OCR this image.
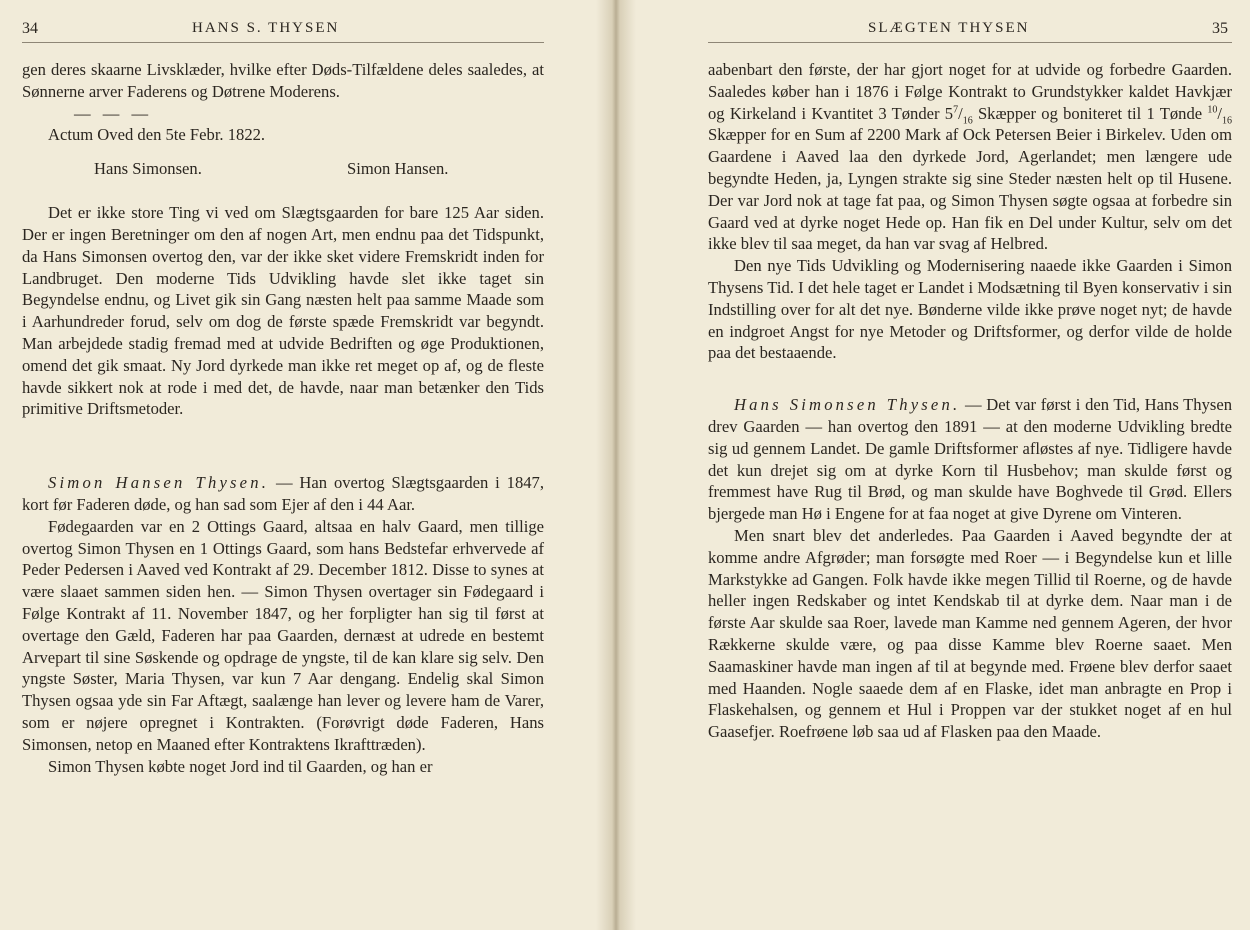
34	HANS S. THYSEN

gen deres skaarne Livsklæder, hvilke efter Døds-Tilfældene deles saaledes, at Sønnerne arver Faderens og Døtrene Moderens.

— — —

Actum Oved den 5te Febr. 1822.

Hans Simonsen.	Simon Hansen.

Det er ikke store Ting vi ved om Slægtsgaarden for bare 125 Aar siden. Der er ingen Beretninger om den af nogen Art, men endnu paa det Tidspunkt, da Hans Simonsen overtog den, var der ikke sket videre Fremskridt inden for Landbruget. Den moderne Tids Udvikling havde slet ikke taget sin Begyndelse endnu, og Livet gik sin Gang næsten helt paa samme Maade som i Aarhundreder forud, selv om dog de første spæde Fremskridt var begyndt. Man arbejdede stadig fremad med at udvide Bedriften og øge Produktionen, omend det gik smaat. Ny Jord dyrkede man ikke ret meget op af, og de fleste havde sikkert nok at rode i med det, de havde, naar man betænker den Tids primitive Driftsmetoder.

Simon Hansen Thysen. — Han overtog Slægtsgaarden i 1847, kort før Faderen døde, og han sad som Ejer af den i 44 Aar.

Fødegaarden var en 2 Ottings Gaard, altsaa en halv Gaard, men tillige overtog Simon Thysen en 1 Ottings Gaard, som hans Bedstefar erhvervede af Peder Pedersen i Aaved ved Kontrakt af 29. December 1812. Disse to synes at være slaaet sammen siden hen. — Simon Thysen overtager sin Fødegaard i Følge Kontrakt af 11. November 1847, og her forpligter han sig til først at overtage den Gæld, Faderen har paa Gaarden, dernæst at udrede en bestemt Arvepart til sine Søskende og opdrage de yngste, til de kan klare sig selv. Den yngste Søster, Maria Thysen, var kun 7 Aar dengang. Endelig skal Simon Thysen ogsaa yde sin Far Aftægt, saalænge han lever og levere ham de Varer, som er nøjere opregnet i Kontrakten. (Forøvrigt døde Faderen, Hans Simonsen, netop en Maaned efter Kontraktens Ikrafttræden).

Simon Thysen købte noget Jord ind til Gaarden, og han er

SLÆGTEN THYSEN	35

aabenbart den første, der har gjort noget for at udvide og forbedre Gaarden. Saaledes køber han i 1876 i Følge Kontrakt to Grundstykker kaldet Havkjær og Kirkeland i Kvantitet 3 Tønder $5^7/_{16}$ Skæpper og boniteret til 1 Tønde $^{10}/_{16}$ Skæpper for en Sum af 2200 Mark af Ock Petersen Beier i Birkelev. Uden om Gaardene i Aaved laa den dyrkede Jord, Agerlandet; men længere ude begyndte Heden, ja, Lyngen strakte sig sine Steder næsten helt op til Husene. Der var Jord nok at tage fat paa, og Simon Thysen søgte ogsaa at forbedre sin Gaard ved at dyrke noget Hede op. Han fik en Del under Kultur, selv om det ikke blev til saa meget, da han var svag af Helbred.

Den nye Tids Udvikling og Modernisering naaede ikke Gaarden i Simon Thysens Tid. I det hele taget er Landet i Modsætning til Byen konservativ i sin Indstilling over for alt det nye. Bønderne vilde ikke prøve noget nyt; de havde en indgroet Angst for nye Metoder og Driftsformer, og derfor vilde de holde paa det bestaaende.

Hans Simonsen Thysen. — Det var først i den Tid, Hans Thysen drev Gaarden — han overtog den 1891 — at den moderne Udvikling bredte sig ud gennem Landet. De gamle Driftsformer afløstes af nye. Tidligere havde det kun drejet sig om at dyrke Korn til Husbehov; man skulde først og fremmest have Rug til Brød, og man skulde have Boghvede til Grød. Ellers bjergede man Hø i Engene for at faa noget at give Dyrene om Vinteren.

Men snart blev det anderledes. Paa Gaarden i Aaved begyndte der at komme andre Afgrøder; man forsøgte med Roer — i Begyndelse kun et lille Markstykke ad Gangen. Folk havde ikke megen Tillid til Roerne, og de havde heller ingen Redskaber og intet Kendskab til at dyrke dem. Naar man i de første Aar skulde saa Roer, lavede man Kamme ned gennem Ageren, der hvor Rækkerne skulde være, og paa disse Kamme blev Roerne saaet. Men Saamaskiner havde man ingen af til at begynde med. Frøene blev derfor saaet med Haanden. Nogle saaede dem af en Flaske, idet man anbragte en Prop i Flaskehalsen, og gennem et Hul i Proppen var der stukket noget af en hul Gaasefjer. Roefrøene løb saa ud af Flasken paa den Maade.
